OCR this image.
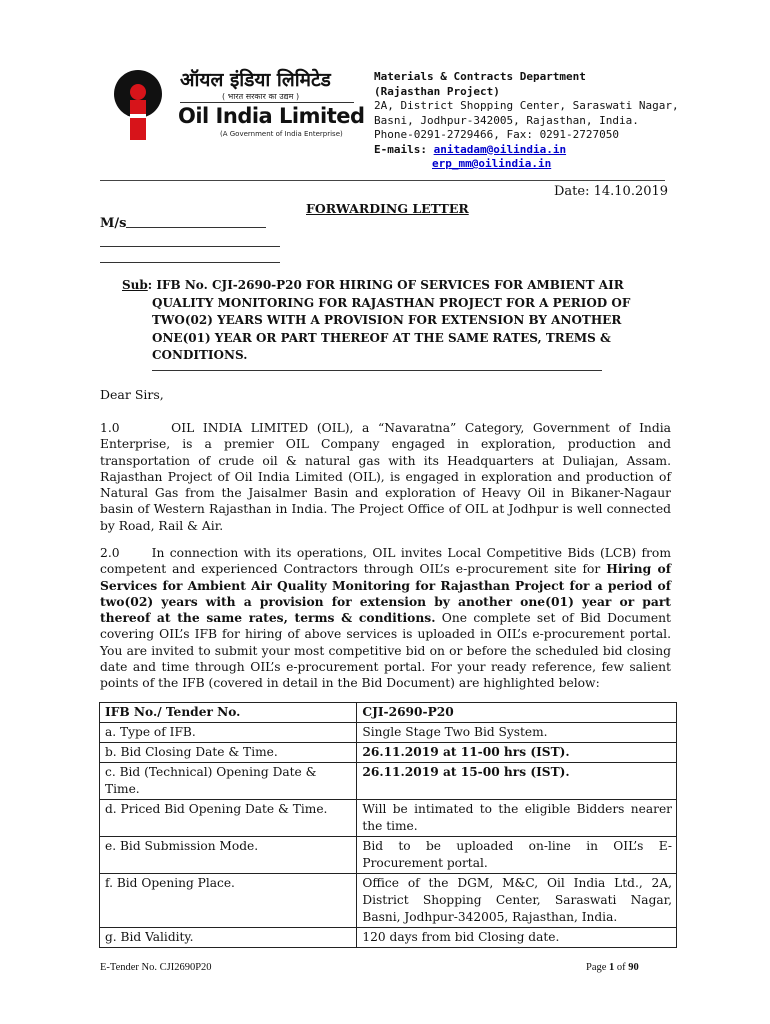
ऑयल इंडिया लिमिटेड
( भारत सरकार का उद्यम )
Oil India Limited
(A Government of India Enterprise)
Materials & Contracts Department
(Rajasthan Project)
2A, District Shopping Center, Saraswati Nagar,
Basni, Jodhpur-342005, Rajasthan, India.
Phone-0291-2729466, Fax: 0291-2727050
E-mails: anitadam@oilindia.in
erp_mm@oilindia.in
Date: 14.10.2019
FORWARDING LETTER
M/s
Sub: IFB No. CJI-2690-P20 FOR HIRING OF SERVICES FOR AMBIENT AIR
QUALITY MONITORING FOR RAJASTHAN PROJECT FOR A PERIOD OF TWO(02) YEARS WITH A PROVISION FOR EXTENSION BY ANOTHER ONE(01) YEAR OR PART THEREOF AT THE SAME RATES, TREMS & CONDITIONS.
Dear Sirs,
1.0      OIL INDIA LIMITED (OIL), a “Navaratna” Category, Government of India Enterprise, is a premier OIL Company engaged in exploration, production and transportation of crude oil & natural gas with its Headquarters at Duliajan, Assam. Rajasthan Project of Oil India Limited (OIL), is engaged in exploration and production of Natural Gas from the Jaisalmer Basin and exploration of Heavy Oil in Bikaner-Nagaur basin of Western Rajasthan in India. The Project Office of OIL at Jodhpur is well connected by Road, Rail & Air.
2.0      In connection with its operations, OIL invites Local Competitive Bids (LCB) from competent and experienced Contractors through OIL’s e-procurement site for Hiring of Services for Ambient Air Quality Monitoring for Rajasthan Project for a period of two(02) years with a provision for extension by another one(01) year or part thereof at the same rates, terms & conditions. One complete set of Bid Document covering OIL’s IFB for hiring of above services is uploaded in OIL’s e-procurement portal. You are invited to submit your most competitive bid on or before the scheduled bid closing date and time through OIL’s e-procurement portal. For your ready reference, few salient points of the IFB (covered in detail in the Bid Document) are highlighted below:
IFB No./ Tender No.	CJI-2690-P20
a. Type of IFB.	Single Stage Two Bid System.
b. Bid Closing Date & Time.	26.11.2019 at 11-00 hrs (IST).
c. Bid (Technical) Opening Date & Time.	26.11.2019 at 15-00 hrs (IST).
d. Priced Bid Opening Date & Time.	Will be intimated to the eligible Bidders nearer the time.
e. Bid Submission Mode.	Bid to be uploaded on-line in OIL’s E-Procurement portal.
f. Bid Opening Place.	Office of the DGM, M&C, Oil India Ltd., 2A, District Shopping Center, Saraswati Nagar, Basni, Jodhpur-342005, Rajasthan, India.
g. Bid Validity.	120 days from bid Closing date.
E-Tender No. CJI2690P20	Page 1 of 90
